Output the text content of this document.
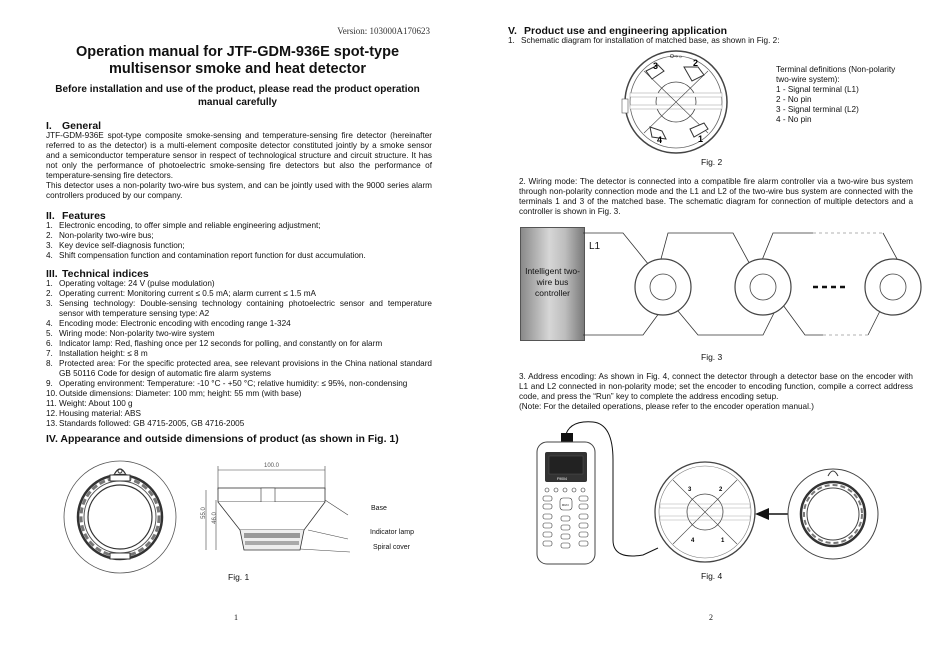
Version: 103000A170623
Operation manual for JTF-GDM-936E spot-type multisensor smoke and heat detector
Before installation and use of the product, please read the product operation manual carefully
I. General
JTF-GDM-936E spot-type composite smoke-sensing and temperature-sensing fire detector (hereinafter referred to as the detector) is a multi-element composite detector constituted jointly by a smoke sensor and a semiconductor temperature sensor in respect of technological structure and circuit structure. It has not only the performance of photoelectric smoke-sensing fire detectors but also the performance of temperature-sensing fire detectors.
This detector uses a non-polarity two-wire bus system, and can be jointly used with the 9000 series alarm controllers produced by our company.
II. Features
1. Electronic encoding, to offer simple and reliable engineering adjustment;
2. Non-polarity two-wire bus;
3. Key device self-diagnosis function;
4. Shift compensation function and contamination report function for dust accumulation.
III. Technical indices
1. Operating voltage: 24 V (pulse modulation)
2. Operating current: Monitoring current ≤ 0.5 mA; alarm current ≤ 1.5 mA
3. Sensing technology: Double-sensing technology containing photoelectric sensor and temperature sensor with temperature sensing type: A2
4. Encoding mode: Electronic encoding with encoding range 1-324
5. Wiring mode: Non-polarity two-wire system
6. Indicator lamp: Red, flashing once per 12 seconds for polling, and constantly on for alarm
7. Installation height: ≤ 8 m
8. Protected area: For the specific protected area, see relevant provisions in the China national standard GB 50116 Code for design of automatic fire alarm systems
9. Operating environment: Temperature: -10 °C - +50 °C; relative humidity: ≤ 95%, non-condensing
10. Outside dimensions: Diameter: 100 mm; height: 55 mm (with base)
11. Weight: About 100 g
12. Housing material: ABS
13. Standards followed: GB 4715-2005, GB 4716-2005
IV. Appearance and outside dimensions of product (as shown in Fig. 1)
100.0
55.0 46.0
Base
Indicator lamp
Spiral cover
Fig. 1
1
V. Product use and engineering application
1. Schematic diagram for installation of matched base, as shown in Fig. 2:
3	2
4	1
O⇒☼
Terminal definitions (Non-polarity two-wire system):
1 - Signal terminal (L1)
2 - No pin
3 - Signal terminal (L2)
4 - No pin
Fig. 2
2. Wiring mode: The detector is connected into a compatible fire alarm controller via a two-wire bus system through non-polarity connection mode and the L1 and L2 of the two-wire bus system are connected with the terminals 1 and 3 of the matched base. The schematic diagram for connection of multiple detectors and a controller is shown in Fig. 3.
Intelligent two-wire bus controller
L1
Fig. 3
3. Address encoding: As shown in Fig. 4, connect the detector through a detector base on the encoder with L1 and L2 connected in non-polarity mode; set the encoder to encoding function, compile a correct address code, and press the “Run” key to complete the address encoding setup.
(Note: For the detailed operations, please refer to the encoder operation manual.)
F9004
RUN
3	2
4	1
Fig. 4
2
